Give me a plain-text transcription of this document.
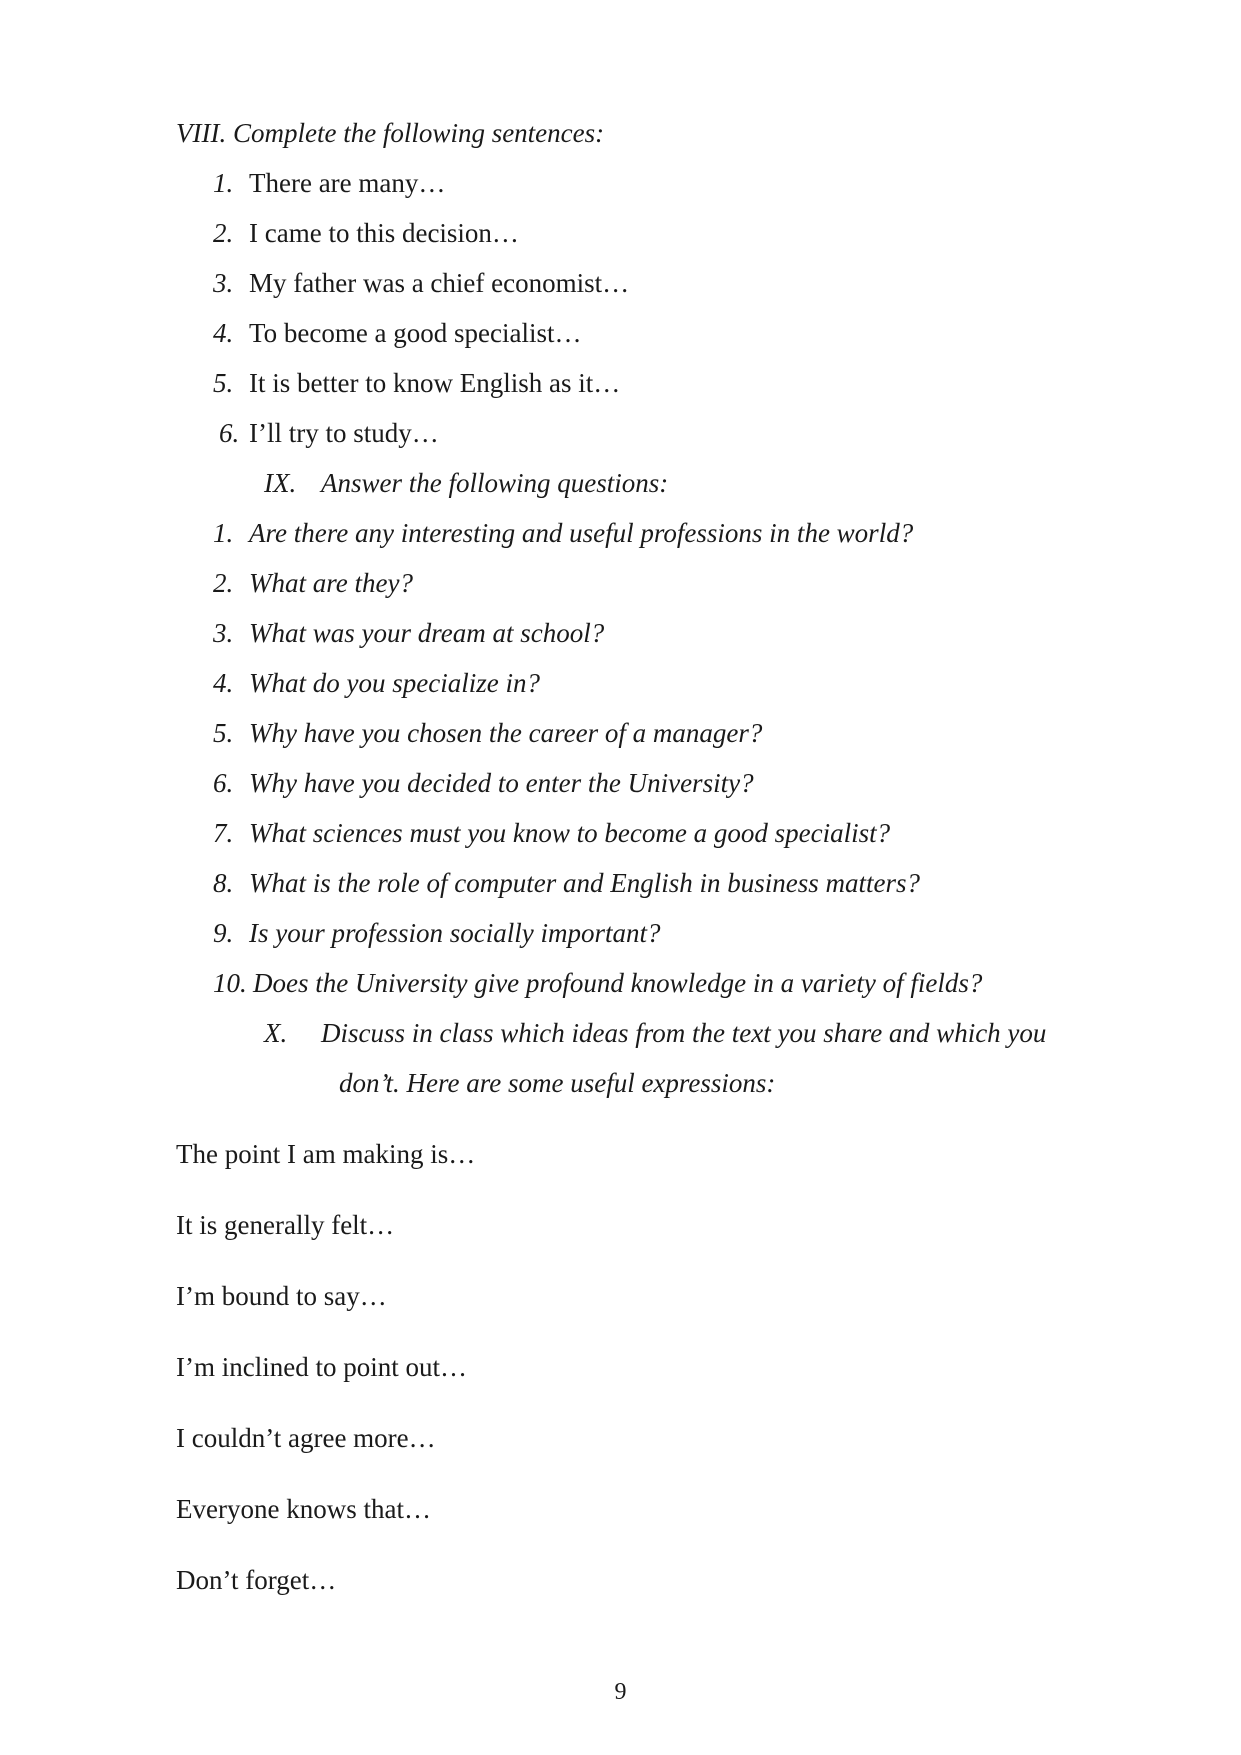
VIII. Complete the following sentences:
1. There are many…
2. I came to this decision…
3. My father was a chief economist…
4. To become a good specialist…
5. It is better to know English as it…
6. I’ll try to study…
IX. Answer the following questions:
1. Are there any interesting and useful professions in the world?
2. What are they?
3. What was your dream at school?
4. What do you specialize in?
5. Why have you chosen the career of a manager?
6. Why have you decided to enter the University?
7. What sciences must you know to become a good specialist?
8. What is the role of computer and English in business matters?
9. Is your profession socially important?
10. Does the University give profound knowledge in a variety of fields?
X. Discuss in class which ideas from the text you share and which you
don’t. Here are some useful expressions:
The point I am making is…
It is generally felt…
I’m bound to say…
I’m inclined to point out…
I couldn’t agree more…
Everyone knows that…
Don’t forget…
9
